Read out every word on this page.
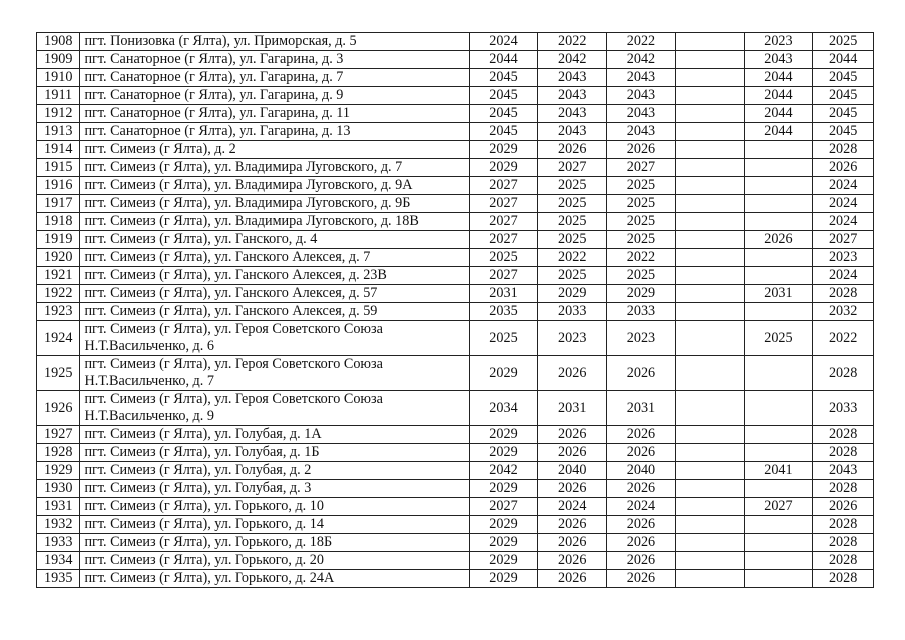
1908	пгт. Понизовка (г Ялта), ул. Приморская, д. 5	2024	2022	2022		2023	2025
1909	пгт. Санаторное (г Ялта), ул. Гагарина, д. 3	2044	2042	2042		2043	2044
1910	пгт. Санаторное (г Ялта), ул. Гагарина, д. 7	2045	2043	2043		2044	2045
1911	пгт. Санаторное (г Ялта), ул. Гагарина, д. 9	2045	2043	2043		2044	2045
1912	пгт. Санаторное (г Ялта), ул. Гагарина, д. 11	2045	2043	2043		2044	2045
1913	пгт. Санаторное (г Ялта), ул. Гагарина, д. 13	2045	2043	2043		2044	2045
1914	пгт. Симеиз (г Ялта), д. 2	2029	2026	2026			2028
1915	пгт. Симеиз (г Ялта), ул. Владимира Луговского, д. 7	2029	2027	2027			2026
1916	пгт. Симеиз (г Ялта), ул. Владимира Луговского, д. 9А	2027	2025	2025			2024
1917	пгт. Симеиз (г Ялта), ул. Владимира Луговского, д. 9Б	2027	2025	2025			2024
1918	пгт. Симеиз (г Ялта), ул. Владимира Луговского, д. 18В	2027	2025	2025			2024
1919	пгт. Симеиз (г Ялта), ул. Ганского, д. 4	2027	2025	2025		2026	2027
1920	пгт. Симеиз (г Ялта), ул. Ганского Алексея, д. 7	2025	2022	2022			2023
1921	пгт. Симеиз (г Ялта), ул. Ганского Алексея, д. 23В	2027	2025	2025			2024
1922	пгт. Симеиз (г Ялта), ул. Ганского Алексея, д. 57	2031	2029	2029		2031	2028
1923	пгт. Симеиз (г Ялта), ул. Ганского Алексея, д. 59	2035	2033	2033			2032
1924	пгт. Симеиз (г Ялта), ул. Героя Советского Союза
Н.Т.Васильченко, д. 6	2025	2023	2023		2025	2022
1925	пгт. Симеиз (г Ялта), ул. Героя Советского Союза
Н.Т.Васильченко, д. 7	2029	2026	2026			2028
1926	пгт. Симеиз (г Ялта), ул. Героя Советского Союза
Н.Т.Васильченко, д. 9	2034	2031	2031			2033
1927	пгт. Симеиз (г Ялта), ул. Голубая, д. 1А	2029	2026	2026			2028
1928	пгт. Симеиз (г Ялта), ул. Голубая, д. 1Б	2029	2026	2026			2028
1929	пгт. Симеиз (г Ялта), ул. Голубая, д. 2	2042	2040	2040		2041	2043
1930	пгт. Симеиз (г Ялта), ул. Голубая, д. 3	2029	2026	2026			2028
1931	пгт. Симеиз (г Ялта), ул. Горького, д. 10	2027	2024	2024		2027	2026
1932	пгт. Симеиз (г Ялта), ул. Горького, д. 14	2029	2026	2026			2028
1933	пгт. Симеиз (г Ялта), ул. Горького, д. 18Б	2029	2026	2026			2028
1934	пгт. Симеиз (г Ялта), ул. Горького, д. 20	2029	2026	2026			2028
1935	пгт. Симеиз (г Ялта), ул. Горького, д. 24А	2029	2026	2026			2028
